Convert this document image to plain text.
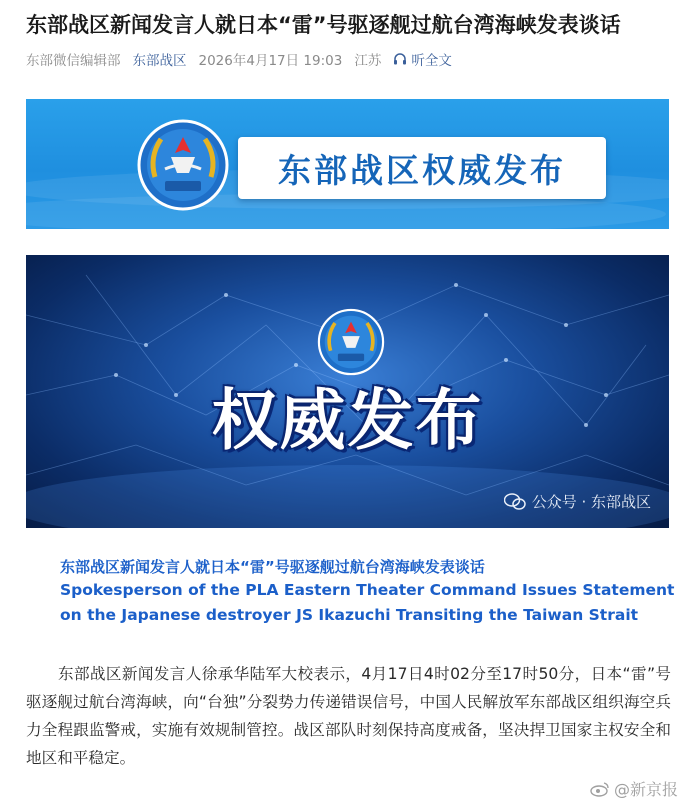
东部战区新闻发言人就日本“雷”号驱逐舰过航台湾海峡发表谈话
东部微信编辑部 东部战区 2026年4月17日 19:03 江苏 听全文
东部战区权威发布
权威发布
公众号 · 东部战区
东部战区新闻发言人就日本“雷”号驱逐舰过航台湾海峡发表谈话
Spokesperson of the PLA Eastern Theater Command Issues Statement
on the Japanese destroyer JS Ikazuchi Transiting the Taiwan Strait
东部战区新闻发言人徐承华陆军大校表示，4月17日4时02分至17时50分，日本“雷”号驱逐舰过航台湾海峡，向“台独”分裂势力传递错误信号，中国人民解放军东部战区组织海空兵力全程跟监警戒，实施有效规制管控。战区部队时刻保持高度戒备，坚决捍卫国家主权安全和地区和平稳定。
@新京报
